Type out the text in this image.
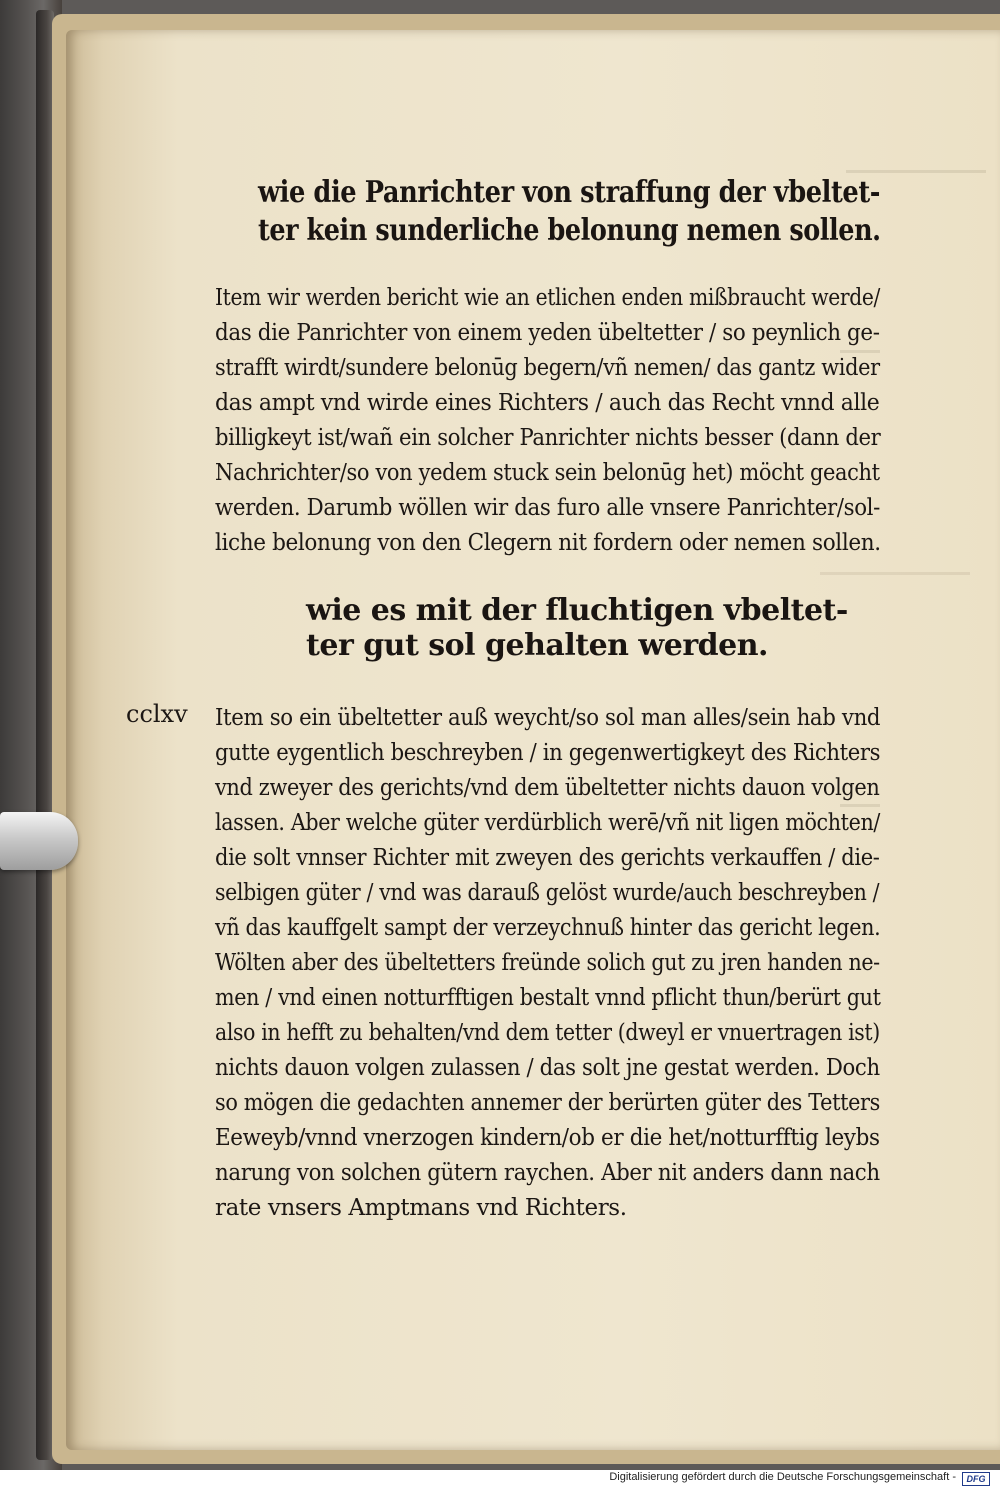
wie die Panrichter von straffung der vbeltet-

ter kein sunderliche belonung nemen sollen.

Item wir werden bericht wie an etlichen enden mißbraucht werde/
das die Panrichter von einem yeden übeltetter / so peynlich ge-
strafft wirdt/sundere belonūg begern/vñ nemen/ das gantz wider
das ampt vnd wirde eines Richters / auch das Recht vnnd alle
billigkeyt ist/wañ ein solcher Panrichter nichts besser (dann der
Nachrichter/so von yedem stuck sein belonūg het) möcht geacht
werden. Darumb wöllen wir das furo alle vnsere Panrichter/sol-
liche belonung von den Clegern nit fordern oder nemen sollen.

wie es mit der fluchtigen vbeltet-

ter gut sol gehalten werden.

cclxv Item so ein übeltetter auß weycht/so sol man alles/sein hab vnd
gutte eygentlich beschreyben / in gegenwertigkeyt des Richters
vnd zweyer des gerichts/vnd dem übeltetter nichts dauon volgen
lassen. Aber welche güter verdürblich werē/vñ nit ligen möchten/
die solt vnnser Richter mit zweyen des gerichts verkauffen / die-
selbigen güter / vnd was darauß gelöst wurde/auch beschreyben /
vñ das kauffgelt sampt der verzeychnuß hinter das gericht legen.
Wölten aber des übeltetters freünde solich gut zu jren handen ne-
men / vnd einen notturfftigen bestalt vnnd pflicht thun/berürt gut
also in hefft zu behalten/vnd dem tetter (dweyl er vnuertragen ist)
nichts dauon volgen zulassen / das solt jne gestat werden. Doch
so mögen die gedachten annemer der berürten güter des Tetters
Eeweyb/vnnd vnerzogen kindern/ob er die het/notturfftig leybs
narung von solchen gütern raychen. Aber nit anders dann nach
rate vnsers Amptmans vnd Richters.
Digitalisierung gefördert durch die Deutsche Forschungsgemeinschaft -	DFG
